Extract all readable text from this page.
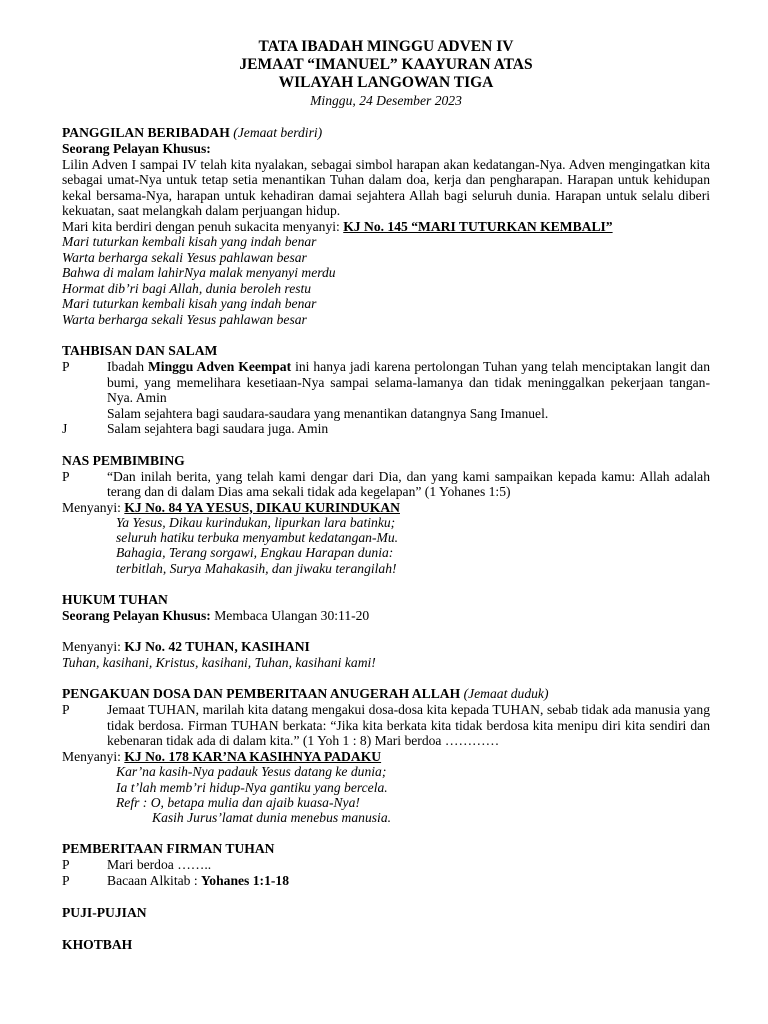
TATA IBADAH MINGGU ADVEN IV
JEMAAT “IMANUEL” KAAYURAN ATAS
WILAYAH LANGOWAN TIGA
Minggu, 24 Desember 2023
PANGGILAN BERIBADAH (Jemaat berdiri)
Seorang Pelayan Khusus:
Lilin Adven I sampai IV telah kita nyalakan, sebagai simbol harapan akan kedatangan-Nya. Adven mengingatkan kita sebagai umat-Nya untuk tetap setia menantikan Tuhan dalam doa, kerja dan pengharapan. Harapan untuk kehidupan kekal bersama-Nya, harapan untuk kehadiran damai sejahtera Allah bagi seluruh dunia. Harapan untuk selalu diberi kekuatan, saat melangkah dalam perjuangan hidup.
Mari kita berdiri dengan penuh sukacita menyanyi: KJ No. 145 “MARI TUTURKAN KEMBALI”
Mari tuturkan kembali kisah yang indah benar
Warta berharga sekali Yesus pahlawan besar
Bahwa di malam lahirNya malak menyanyi merdu
Hormat dib’ri bagi Allah, dunia beroleh restu
Mari tuturkan kembali kisah yang indah benar
Warta berharga sekali Yesus pahlawan besar
TAHBISAN DAN SALAM
P	Ibadah Minggu Adven Keempat ini hanya jadi karena pertolongan Tuhan yang telah menciptakan langit dan bumi, yang memelihara kesetiaan-Nya sampai selama-lamanya dan tidak meninggalkan pekerjaan tangan-Nya. Amin
Salam sejahtera bagi saudara-saudara yang menantikan datangnya Sang Imanuel.
J	Salam sejahtera bagi saudara juga. Amin
NAS PEMBIMBING
P	“Dan inilah berita, yang telah kami dengar dari Dia, dan yang kami sampaikan kepada kamu: Allah adalah terang dan di dalam Dias ama sekali tidak ada kegelapan” (1 Yohanes 1:5)
Menyanyi: KJ No. 84 YA YESUS, DIKAU KURINDUKAN
Ya Yesus, Dikau kurindukan, lipurkan lara batinku;
seluruh hatiku terbuka menyambut kedatangan-Mu.
Bahagia, Terang sorgawi, Engkau Harapan dunia:
terbitlah, Surya Mahakasih, dan jiwaku terangilah!
HUKUM TUHAN
Seorang Pelayan Khusus: Membaca Ulangan 30:11-20
Menyanyi: KJ No. 42 TUHAN, KASIHANI
Tuhan, kasihani, Kristus, kasihani, Tuhan, kasihani kami!
PENGAKUAN DOSA DAN PEMBERITAAN ANUGERAH ALLAH (Jemaat duduk)
P	Jemaat TUHAN, marilah kita datang mengakui dosa-dosa kita kepada TUHAN, sebab tidak ada manusia yang tidak berdosa. Firman TUHAN berkata: “Jika kita berkata kita tidak berdosa kita menipu diri kita sendiri dan kebenaran tidak ada di dalam kita.” (1 Yoh 1 : 8) Mari berdoa …………
Menyanyi: KJ No. 178 KAR’NA KASIHNYA PADAKU
Kar’na kasih-Nya padauk Yesus datang ke dunia;
Ia t’lah memb’ri hidup-Nya gantiku yang bercela.
Refr : O, betapa mulia dan ajaib kuasa-Nya!
Kasih Jurus’lamat dunia menebus manusia.
PEMBERITAAN FIRMAN TUHAN
P	Mari berdoa ……..
P	Bacaan Alkitab : Yohanes 1:1-18
PUJI-PUJIAN
KHOTBAH
